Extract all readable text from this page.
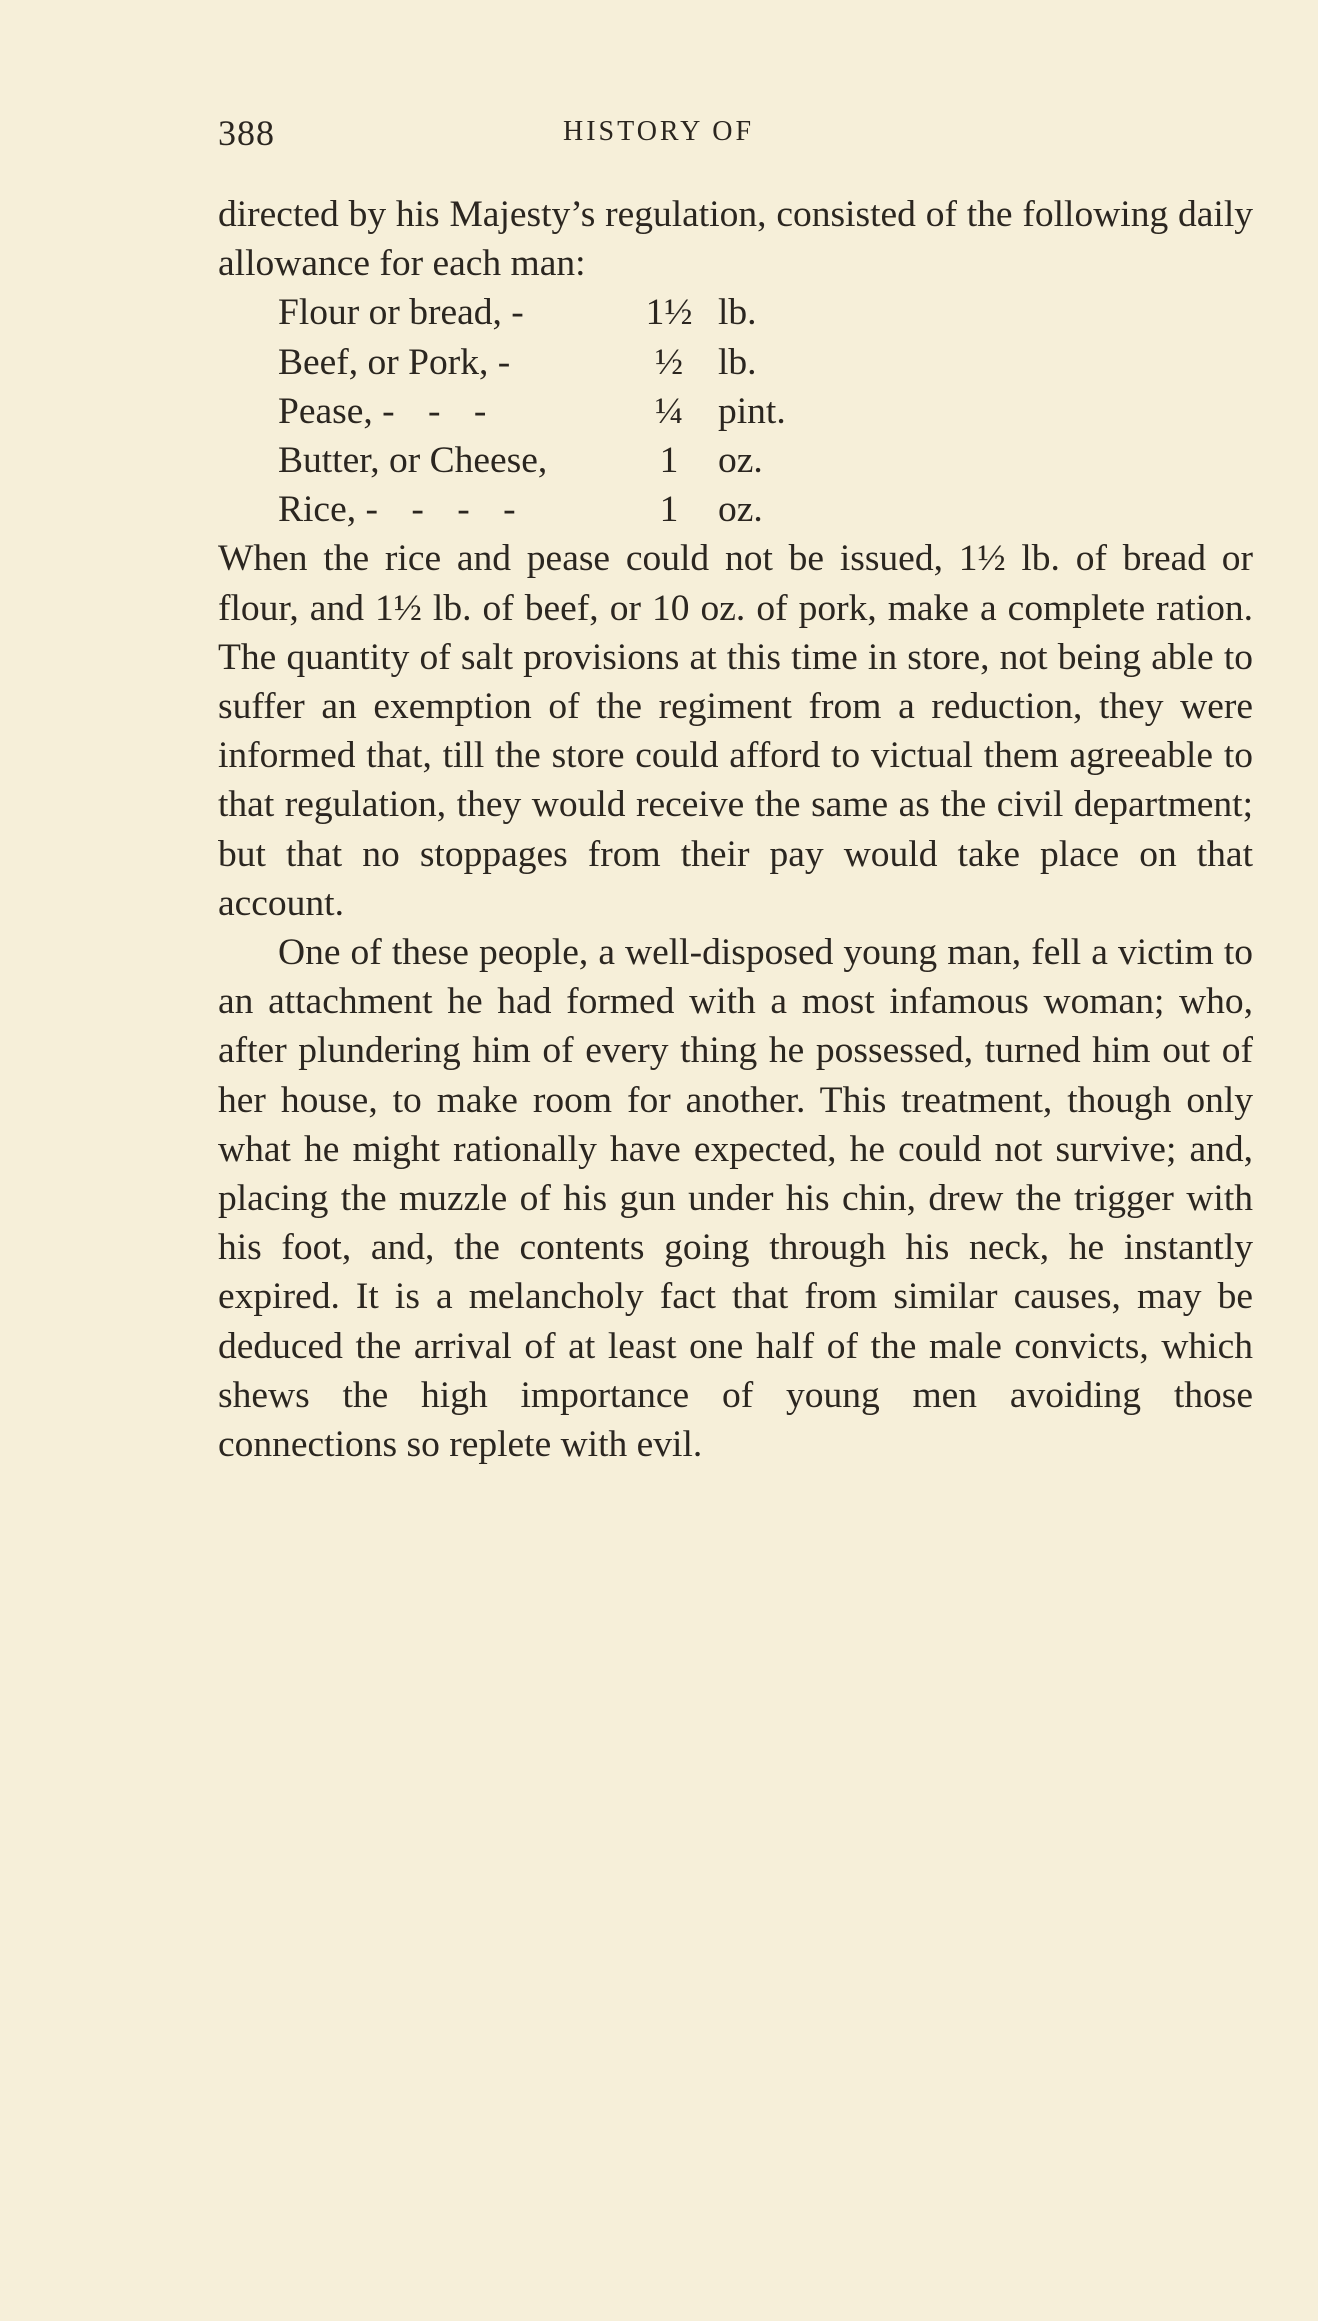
388	HISTORY OF

directed by his Majesty’s regulation, consisted of the following daily allowance for each man:

Flour or bread, -	1½	lb.
Beef, or Pork, -	½	lb.
Pease, - - -	¼	pint.
Butter, or Cheese,	1	oz.
Rice, - - - -	1	oz.

When the rice and pease could not be issued, 1½ lb. of bread or flour, and 1½ lb. of beef, or 10 oz. of pork, make a complete ration. The quantity of salt provisions at this time in store, not being able to suffer an exemption of the regiment from a reduction, they were informed that, till the store could afford to victual them agreeable to that regulation, they would receive the same as the civil department; but that no stoppages from their pay would take place on that account.

One of these people, a well-disposed young man, fell a victim to an attachment he had formed with a most infamous woman; who, after plundering him of every thing he possessed, turned him out of her house, to make room for another. This treatment, though only what he might rationally have expected, he could not survive; and, placing the muzzle of his gun under his chin, drew the trigger with his foot, and, the contents going through his neck, he instantly expired. It is a melancholy fact that from similar causes, may be deduced the arrival of at least one half of the male convicts, which shews the high importance of young men avoiding those connections so replete with evil.
